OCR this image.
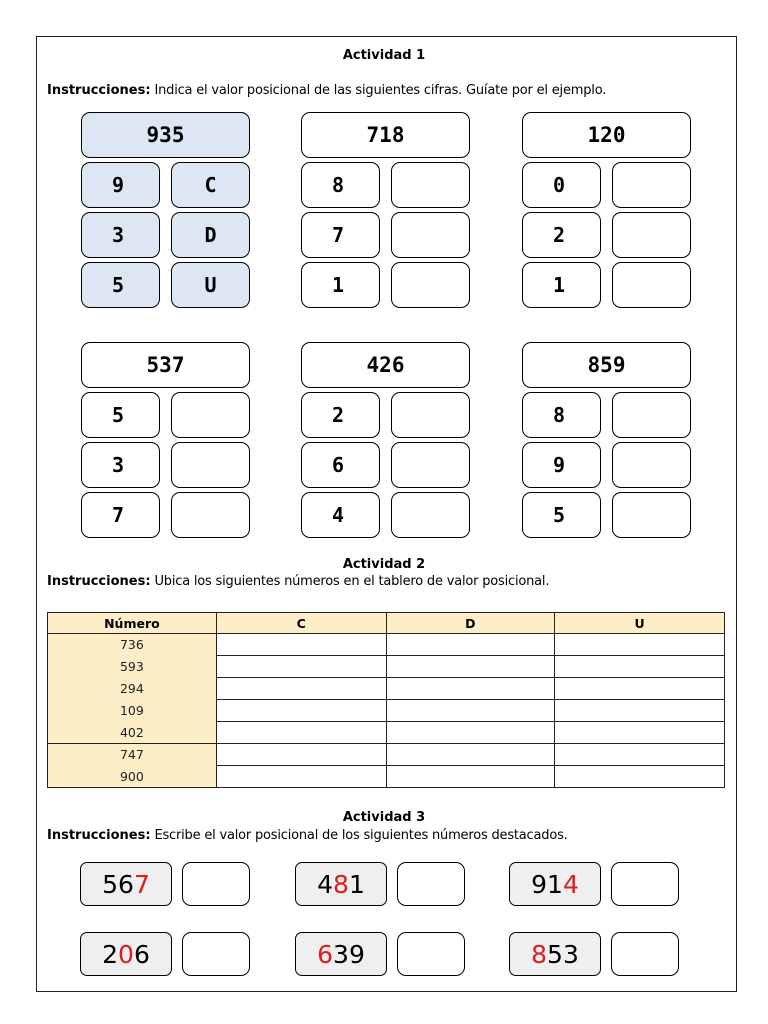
Actividad 1
Instrucciones: Indica el valor posicional de las siguientes cifras. Guíate por el ejemplo.
935
9	C
3	D
5	U
718
8
7
1
120
0
2
1
537
5
3
7
426
2
6
4
859
8
9
5
Actividad 2
Instrucciones: Ubica los siguientes números en el tablero de valor posicional.
Número	C	D	U
736			
593			
294			
109			
402			
747			
900			
Actividad 3
Instrucciones: Escribe el valor posicional de los siguientes números destacados.
56 7	4 8 1	91 4
2 0 6	6 39	8 53
